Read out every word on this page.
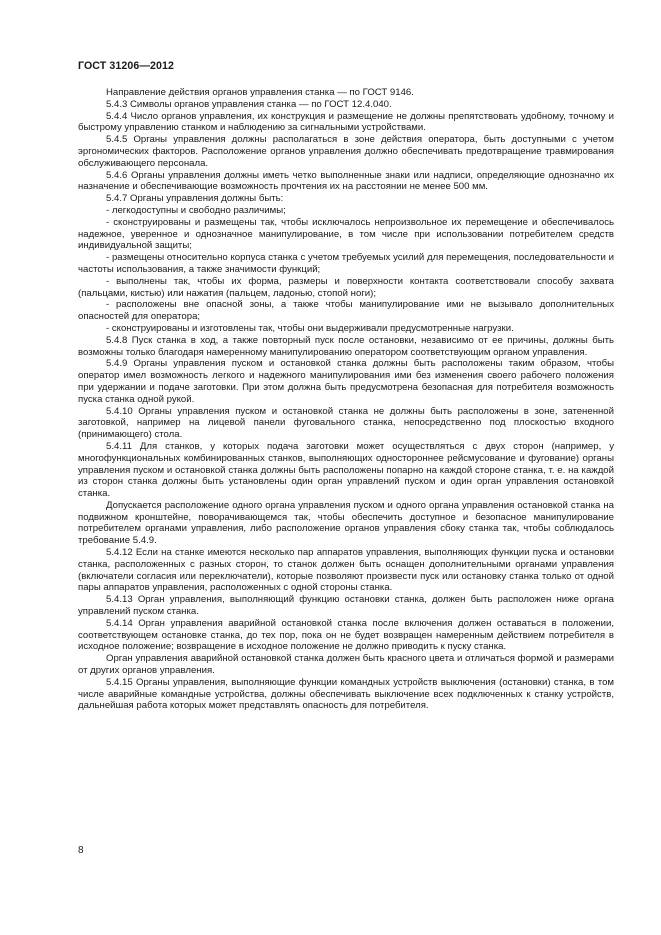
ГОСТ 31206—2012

Направление действия органов управления станка — по ГОСТ 9146.

5.4.3 Символы органов управления станка — по ГОСТ 12.4.040.

5.4.4 Число органов управления, их конструкция и размещение не должны препятствовать удобному, точному и быстрому управлению станком и наблюдению за сигнальными устройствами.

5.4.5 Органы управления должны располагаться в зоне действия оператора, быть доступными с учетом эргономических факторов. Расположение органов управления должно обеспечивать предотвращение травмирования обслуживающего персонала.

5.4.6 Органы управления должны иметь четко выполненные знаки или надписи, определяющие однозначно их назначение и обеспечивающие возможность прочтения их на расстоянии не менее 500 мм.

5.4.7 Органы управления должны быть:

- легкодоступны и свободно различимы;

- сконструированы и размещены так, чтобы исключалось непроизвольное их перемещение и обеспечивалось надежное, уверенное и однозначное манипулирование, в том числе при использовании потребителем средств индивидуальной защиты;

- размещены относительно корпуса станка с учетом требуемых усилий для перемещения, последовательности и частоты использования, а также значимости функций;

- выполнены так, чтобы их форма, размеры и поверхности контакта соответствовали способу захвата (пальцами, кистью) или нажатия (пальцем, ладонью, стопой ноги);

- расположены вне опасной зоны, а также чтобы манипулирование ими не вызывало дополнительных опасностей для оператора;

- сконструированы и изготовлены так, чтобы они выдерживали предусмотренные нагрузки.

5.4.8 Пуск станка в ход, а также повторный пуск после остановки, независимо от ее причины, должны быть возможны только благодаря намеренному манипулированию оператором соответствующим органом управления.

5.4.9 Органы управления пуском и остановкой станка должны быть расположены таким образом, чтобы оператор имел возможность легкого и надежного манипулирования ими без изменения своего рабочего положения при удержании и подаче заготовки. При этом должна быть предусмотрена безопасная для потребителя возможность пуска станка одной рукой.

5.4.10 Органы управления пуском и остановкой станка не должны быть расположены в зоне, затененной заготовкой, например на лицевой панели фуговального станка, непосредственно под плоскостью входного (принимающего) стола.

5.4.11 Для станков, у которых подача заготовки может осуществляться с двух сторон (например, у многофункциональных комбинированных станков, выполняющих одностороннее рейсмусование и фугование) органы управления пуском и остановкой станка должны быть расположены попарно на каждой стороне станка, т. е. на каждой из сторон станка должны быть установлены один орган управлений пуском и один орган управления остановкой станка.

Допускается расположение одного органа управления пуском и одного органа управления остановкой станка на подвижном кронштейне, поворачивающемся так, чтобы обеспечить доступное и безопасное манипулирование потребителем органами управления, либо расположение органов управления сбоку станка так, чтобы соблюдалось требование 5.4.9.

5.4.12 Если на станке имеются несколько пар аппаратов управления, выполняющих функции пуска и остановки станка, расположенных с разных сторон, то станок должен быть оснащен дополнительными органами управления (включатели согласия или переключатели), которые позволяют произвести пуск или остановку станка только от одной пары аппаратов управления, расположенных с одной стороны станка.

5.4.13 Орган управления, выполняющий функцию остановки станка, должен быть расположен ниже органа управлений пуском станка.

5.4.14 Орган управления аварийной остановкой станка после включения должен оставаться в положении, соответствующем остановке станка, до тех пор, пока он не будет возвращен намеренным действием потребителя в исходное положение; возвращение в исходное положение не должно приводить к пуску станка.

Орган управления аварийной остановкой станка должен быть красного цвета и отличаться формой и размерами от других органов управления.

5.4.15 Органы управления, выполняющие функции командных устройств выключения (остановки) станка, в том числе аварийные командные устройства, должны обеспечивать выключение всех подключенных к станку устройств, дальнейшая работа которых может представлять опасность для потребителя.

8
